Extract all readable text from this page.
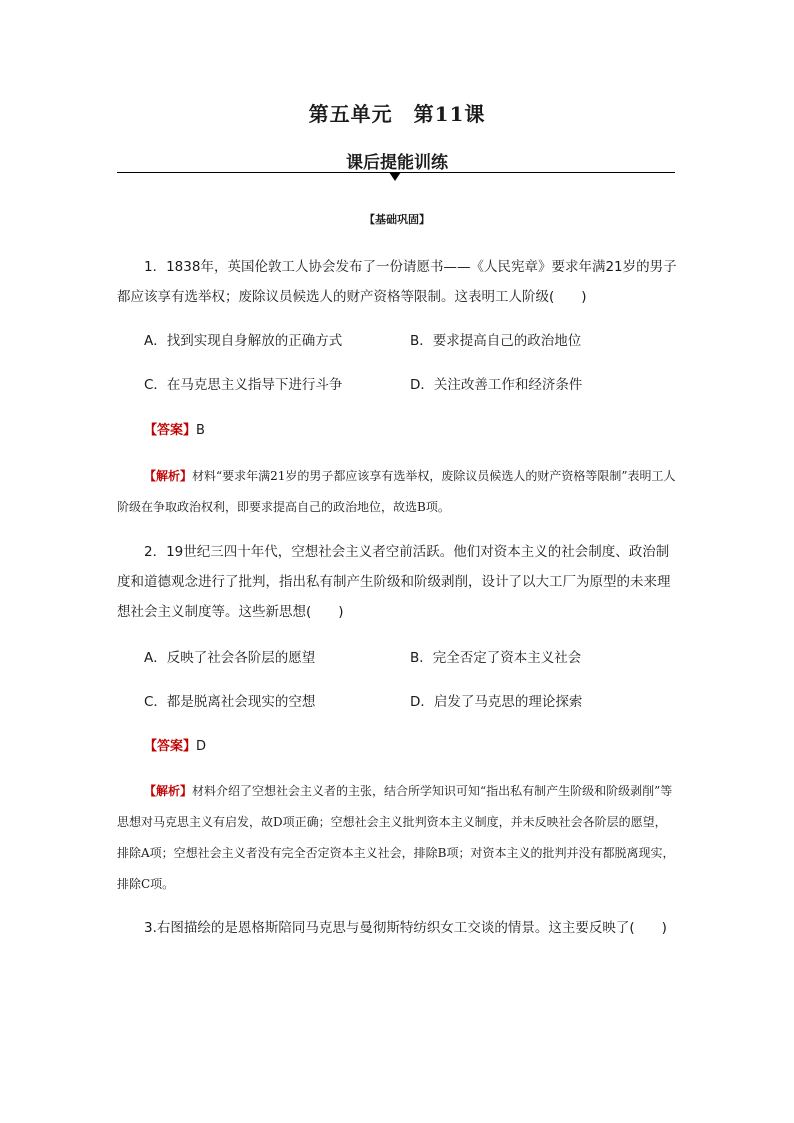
第五单元　第11课
课后提能训练
【基础巩固】

1．1838年，英国伦敦工人协会发布了一份请愿书——《人民宪章》要求年满21岁的男子都应该享有选举权；废除议员候选人的财产资格等限制。这表明工人阶级(　　)

A．找到实现自身解放的正确方式	B．要求提高自己的政治地位
C．在马克思主义指导下进行斗争	D．关注改善工作和经济条件
【答案】B

【解析】材料“要求年满21岁的男子都应该享有选举权，废除议员候选人的财产资格等限制”表明工人阶级在争取政治权利，即要求提高自己的政治地位，故选B项。

2．19世纪三四十年代，空想社会主义者空前活跃。他们对资本主义的社会制度、政治制度和道德观念进行了批判，指出私有制产生阶级和阶级剥削，设计了以大工厂为原型的未来理想社会主义制度等。这些新思想(　　)

A．反映了社会各阶层的愿望	B．完全否定了资本主义社会
C．都是脱离社会现实的空想	D．启发了马克思的理论探索
【答案】D

【解析】材料介绍了空想社会主义者的主张，结合所学知识可知“指出私有制产生阶级和阶级剥削”等思想对马克思主义有启发，故D项正确；空想社会主义批判资本主义制度，并未反映社会各阶层的愿望，排除A项；空想社会主义者没有完全否定资本主义社会，排除B项；对资本主义的批判并没有都脱离现实，排除C项。

3.右图描绘的是恩格斯陪同马克思与曼彻斯特纺织女工交谈的情景。这主要反映了(　　)
